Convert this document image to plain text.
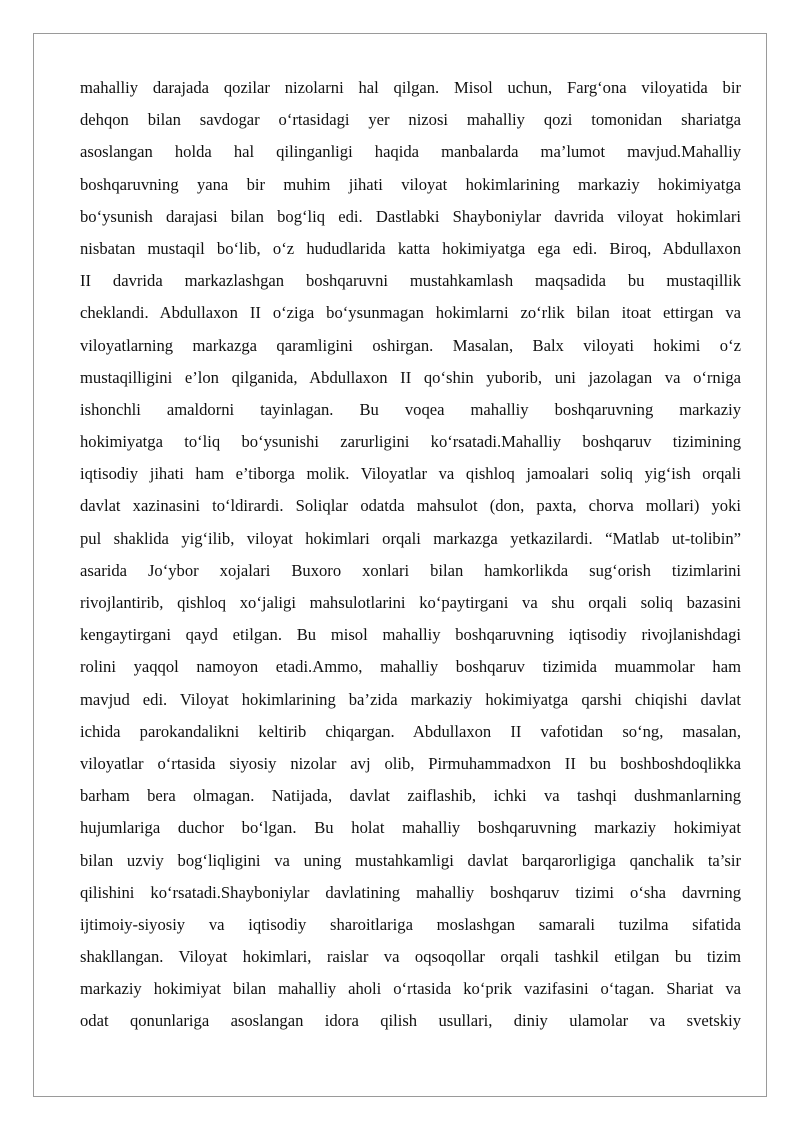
mahalliy darajada qozilar nizolarni hal qilgan. Misol uchun, Farg‘ona viloyatida bir
dehqon bilan savdogar o‘rtasidagi yer nizosi mahalliy qozi tomonidan shariatga
asoslangan holda hal qilinganligi haqida manbalarda ma’lumot mavjud.Mahalliy
boshqaruvning yana bir muhim jihati viloyat hokimlarining markaziy hokimiyatga
bo‘ysunish darajasi bilan bog‘liq edi. Dastlabki Shayboniylar davrida viloyat hokimlari
nisbatan mustaqil bo‘lib, o‘z hududlarida katta hokimiyatga ega edi. Biroq, Abdullaxon
II davrida markazlashgan boshqaruvni mustahkamlash maqsadida bu mustaqillik
cheklandi. Abdullaxon II o‘ziga bo‘ysunmagan hokimlarni zo‘rlik bilan itoat ettirgan va
viloyatlarning markazga qaramligini oshirgan. Masalan, Balx viloyati hokimi o‘z
mustaqilligini e’lon qilganida, Abdullaxon II qo‘shin yuborib, uni jazolagan va o‘rniga
ishonchli amaldorni tayinlagan. Bu voqea mahalliy boshqaruvning markaziy
hokimiyatga to‘liq bo‘ysunishi zarurligini ko‘rsatadi.Mahalliy boshqaruv tizimining
iqtisodiy jihati ham e’tiborga molik. Viloyatlar va qishloq jamoalari soliq yig‘ish orqali
davlat xazinasini to‘ldirardi. Soliqlar odatda mahsulot (don, paxta, chorva mollari) yoki
pul shaklida yig‘ilib, viloyat hokimlari orqali markazga yetkazilardi. “Matlab ut-tolibin”
asarida Jo‘ybor xojalari Buxoro xonlari bilan hamkorlikda sug‘orish tizimlarini
rivojlantirib, qishloq xo‘jaligi mahsulotlarini ko‘paytirgani va shu orqali soliq bazasini
kengaytirgani qayd etilgan. Bu misol mahalliy boshqaruvning iqtisodiy rivojlanishdagi
rolini yaqqol namoyon etadi.Ammo, mahalliy boshqaruv tizimida muammolar ham
mavjud edi. Viloyat hokimlarining ba’zida markaziy hokimiyatga qarshi chiqishi davlat
ichida parokandalikni keltirib chiqargan. Abdullaxon II vafotidan so‘ng, masalan,
viloyatlar o‘rtasida siyosiy nizolar avj olib, Pirmuhammadxon II bu boshboshdoqlikka
barham bera olmagan. Natijada, davlat zaiflashib, ichki va tashqi dushmanlarning
hujumlariga duchor bo‘lgan. Bu holat mahalliy boshqaruvning markaziy hokimiyat
bilan uzviy bog‘liqligini va uning mustahkamligi davlat barqarorligiga qanchalik ta’sir
qilishini ko‘rsatadi.Shayboniylar davlatining mahalliy boshqaruv tizimi o‘sha davrning
ijtimoiy-siyosiy va iqtisodiy sharoitlariga moslashgan samarali tuzilma sifatida
shakllangan. Viloyat hokimlari, raislar va oqsoqollar orqali tashkil etilgan bu tizim
markaziy hokimiyat bilan mahalliy aholi o‘rtasida ko‘prik vazifasini o‘tagan. Shariat va
odat qonunlariga asoslangan idora qilish usullari, diniy ulamolar va svetskiy
